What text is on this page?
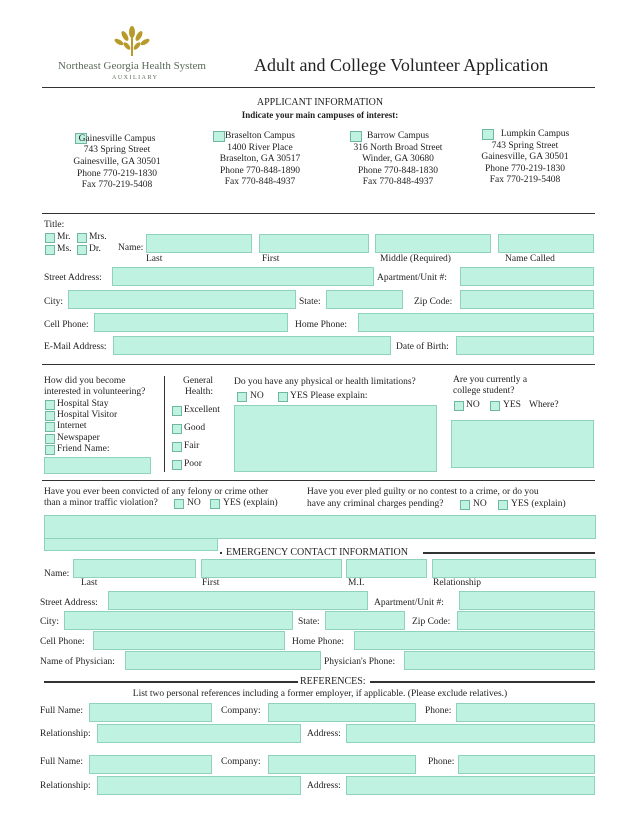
Northeast Georgia Health System
AUXILIARY
Adult and College Volunteer Application
APPLICANT INFORMATION
Indicate your main campuses of interest:
Gainesville Campus
743 Spring Street
Gainesville, GA 30501
Phone 770-219-1830
Fax 770-219-5408
Braselton Campus
1400 River Place
Braselton, GA 30517
Phone 770-848-1890
Fax 770-848-4937
Barrow Campus
316 North Broad Street
Winder, GA 30680
Phone 770-848-1830
Fax 770-848-4937
Lumpkin Campus
743 Spring Street
Gainesville, GA 30501
Phone 770-219-1830
Fax 770-219-5408
Title:
Mr. Mrs.
Ms. Dr. Name:
Last	First	Middle (Required)	Name Called
Street Address:	Apartment/Unit #:
City:	State:	Zip Code:
Cell Phone:	Home Phone:
E-Mail Address:	Date of Birth:
How did you become
interested in volunteering?
Hospital Stay
Hospital Visitor
Internet
Newspaper
Friend Name:
General
Health:
Excellent
Good
Fair
Poor
Do you have any physical or health limitations?
NO	YES Please explain:
Are you currently a
college student?
NO YES Where?
Have you ever been convicted of any felony or crime other
than a minor traffic violation?	NO YES (explain)
Have you ever pled guilty or no contest to a crime, or do you
have any criminal charges pending?	NO	YES (explain)
EMERGENCY CONTACT INFORMATION
Name:
Last	First	M.I.	Relationship
Street Address:	Apartment/Unit #:
City:	State:	Zip Code:
Cell Phone:	Home Phone:
Name of Physician:	Physician's Phone:
REFERENCES:
List two personal references including a former employer, if applicable. (Please exclude relatives.)
Full Name:	Company:	Phone:
Relationship:	Address:
Full Name:	Company:	Phone:
Relationship:	Address:
